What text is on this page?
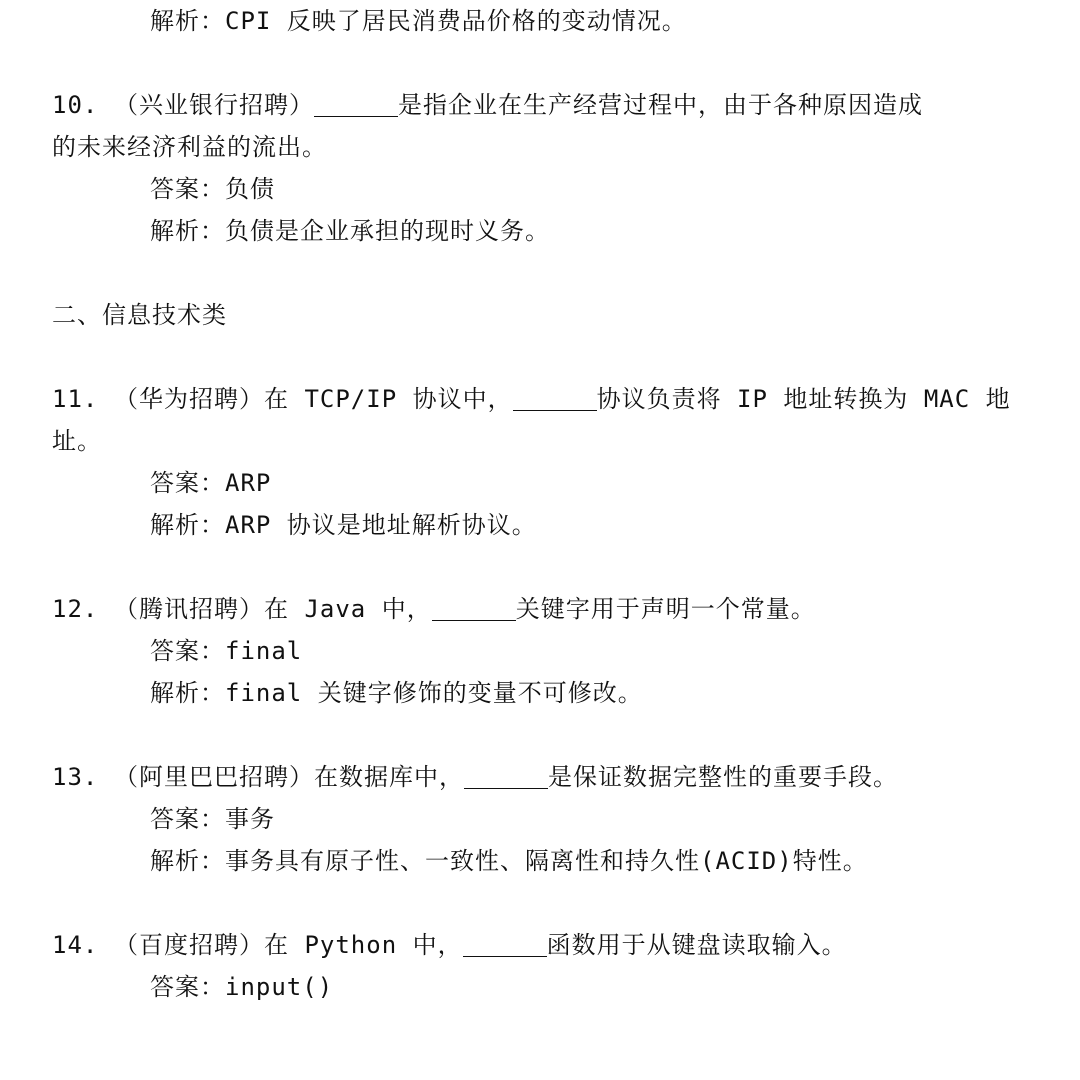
解析：CPI 反映了居民消费品价格的变动情况。
10. （兴业银行招聘）	是指企业在生产经营过程中，由于各种原因造成
的未来经济利益的流出。
答案：负债
解析：负债是企业承担的现时义务。
二、信息技术类
11. （华为招聘）在 TCP/IP 协议中，	协议负责将 IP 地址转换为 MAC 地
址。
答案：ARP
解析：ARP 协议是地址解析协议。
12. （腾讯招聘）在 Java 中，	关键字用于声明一个常量。
答案：final
解析：final 关键字修饰的变量不可修改。
13. （阿里巴巴招聘）在数据库中，	是保证数据完整性的重要手段。
答案：事务
解析：事务具有原子性、一致性、隔离性和持久性(ACID)特性。
14. （百度招聘）在 Python 中，	函数用于从键盘读取输入。
答案：input()
